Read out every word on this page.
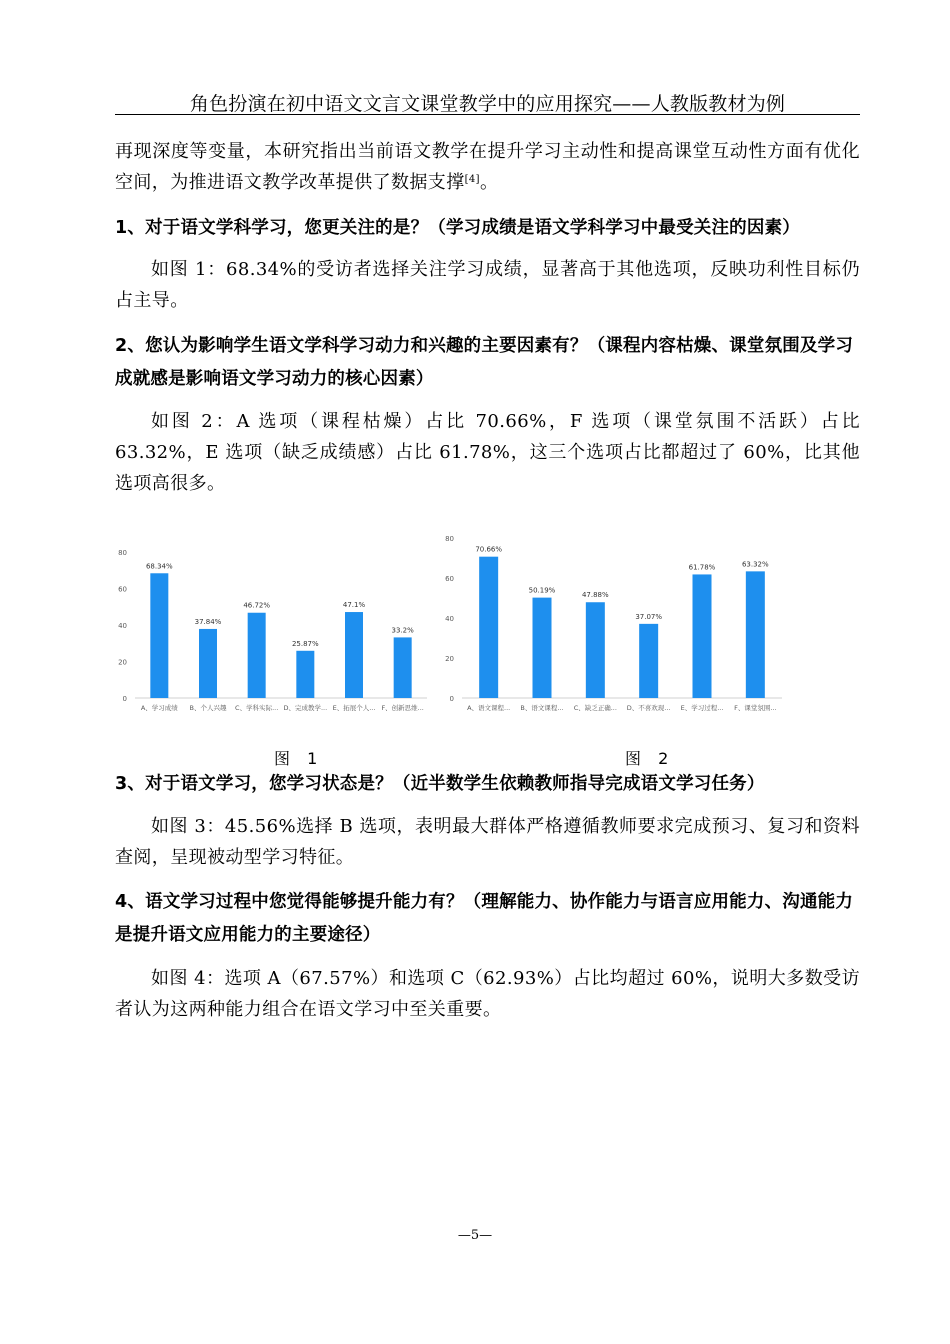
角色扮演在初中语文文言文课堂教学中的应用探究——人教版教材为例

再现深度等变量，本研究指出当前语文教学在提升学习主动性和提高课堂互动性方面有优化空间，为推进语文教学改革提供了数据支撑[4]。

1、对于语文学科学习，您更关注的是？（学习成绩是语文学科学习中最受关注的因素）

如图 1：68.34%的受访者选择关注学习成绩，显著高于其他选项，反映功利性目标仍占主导。

2、您认为影响学生语文学科学习动力和兴趣的主要因素有？（课程内容枯燥、课堂氛围及学习成就感是影响语文学习动力的核心因素）

如图 2：A 选项（课程枯燥）占比 70.66%，F 选项（课堂氛围不活跃）占比 63.32%，E 选项（缺乏成绩感）占比 61.78%，这三个选项占比都超过了 60%，比其他选项高很多。

0
20
40
60
80
68.34%
A、学习成绩
37.84%
B、个人兴趣
46.72%
C、学科实际...
25.87%
D、完成教学...
47.1%
E、拓展个人...
33.2%
F、创新思维...
0
20
40
60
80
70.66%
A、语文课程...
50.19%
B、语文课程...
47.88%
C、缺乏正确...
37.07%
D、不喜欢现...
61.78%
E、学习过程...
63.32%
F、课堂氛围...
图 1	图 2

3、对于语文学习，您学习状态是？（近半数学生依赖教师指导完成语文学习任务）

如图 3：45.56%选择 B 选项，表明最大群体严格遵循教师要求完成预习、复习和资料查阅，呈现被动型学习特征。

4、语文学习过程中您觉得能够提升能力有？（理解能力、协作能力与语言应用能力、沟通能力是提升语文应用能力的主要途径）

如图 4：选项 A（67.57%）和选项 C（62.93%）占比均超过 60%，说明大多数受访者认为这两种能力组合在语文学习中至关重要。

—5—
